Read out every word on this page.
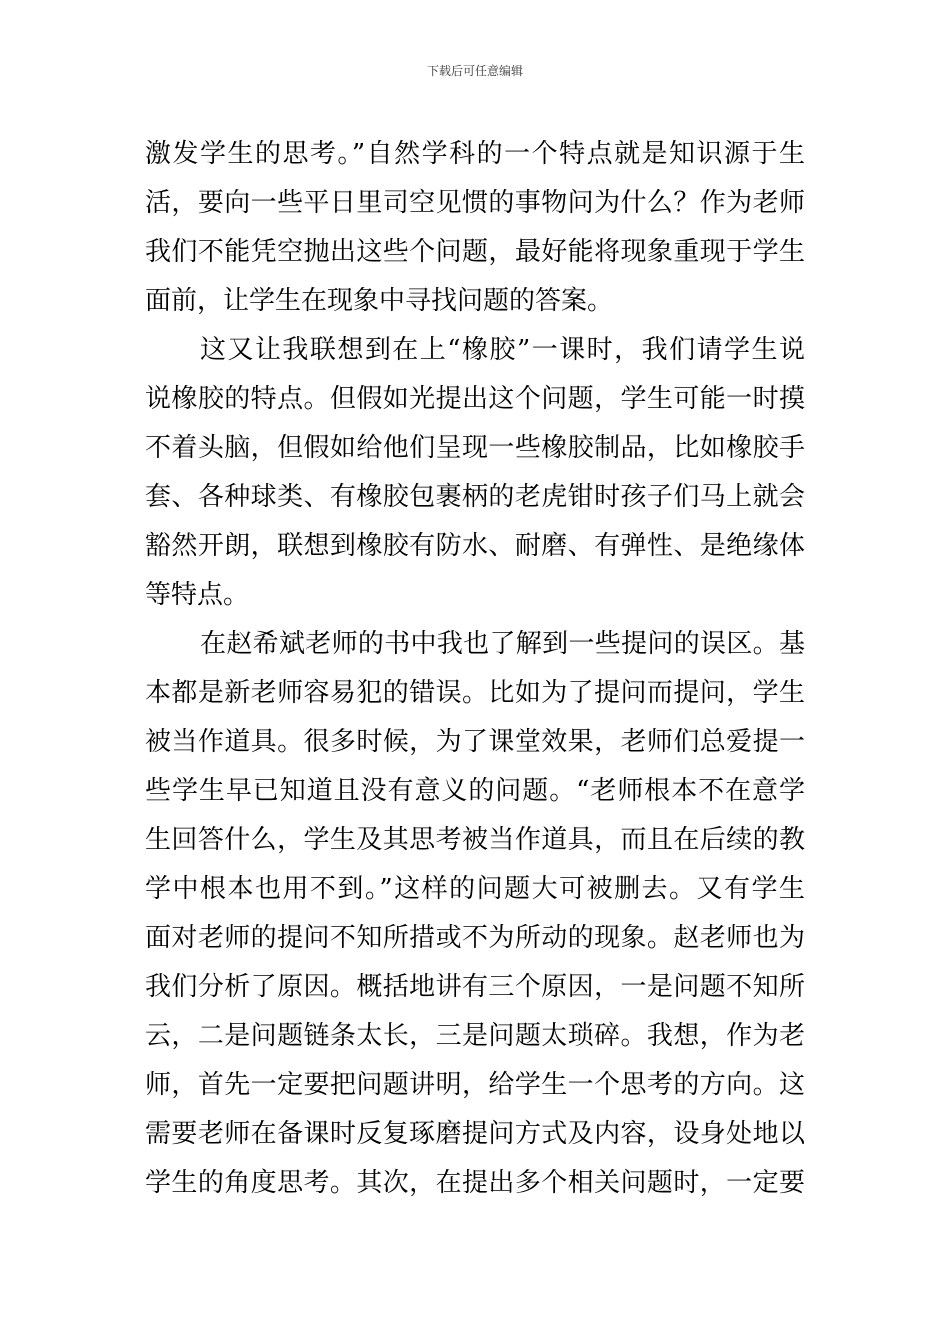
下载后可任意编辑
激发学生的思考。”自然学科的一个特点就是知识源于生
活，要向一些平日里司空见惯的事物问为什么？作为老师
我们不能凭空抛出这些个问题，最好能将现象重现于学生
面前，让学生在现象中寻找问题的答案。
这又让我联想到在上“橡胶”一课时，我们请学生说
说橡胶的特点。但假如光提出这个问题，学生可能一时摸
不着头脑，但假如给他们呈现一些橡胶制品，比如橡胶手
套、各种球类、有橡胶包裹柄的老虎钳时孩子们马上就会
豁然开朗，联想到橡胶有防水、耐磨、有弹性、是绝缘体
等特点。
在赵希斌老师的书中我也了解到一些提问的误区。基
本都是新老师容易犯的错误。比如为了提问而提问，学生
被当作道具。很多时候，为了课堂效果，老师们总爱提一
些学生早已知道且没有意义的问题。“老师根本不在意学
生回答什么，学生及其思考被当作道具，而且在后续的教
学中根本也用不到。”这样的问题大可被删去。又有学生
面对老师的提问不知所措或不为所动的现象。赵老师也为
我们分析了原因。概括地讲有三个原因，一是问题不知所
云，二是问题链条太长，三是问题太琐碎。我想，作为老
师，首先一定要把问题讲明，给学生一个思考的方向。这
需要老师在备课时反复琢磨提问方式及内容，设身处地以
学生的角度思考。其次，在提出多个相关问题时，一定要
